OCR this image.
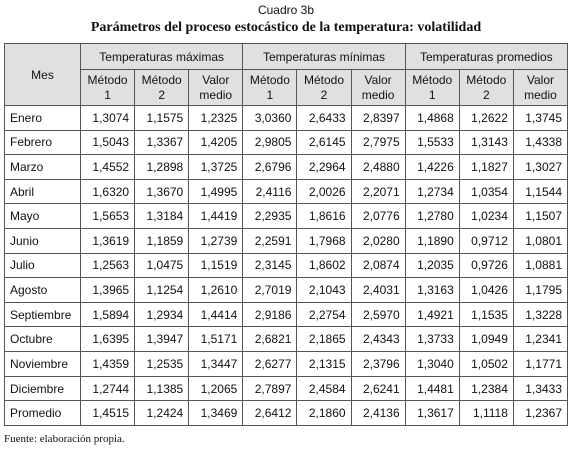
Cuadro 3b
Parámetros del proceso estocástico de la temperatura: volatilidad
Mes	Temperaturas máximas			Temperaturas mínimas			Temperaturas promedios		
	Método 1	Método 2	Valor medio	Método 1	Método 2	Valor medio	Método 1	Método 2	Valor medio
Enero	1,3074	1,1575	1,2325	3,0360	2,6433	2,8397	1,4868	1,2622	1,3745
Febrero	1,5043	1,3367	1,4205	2,9805	2,6145	2,7975	1,5533	1,3143	1,4338
Marzo	1,4552	1,2898	1,3725	2,6796	2,2964	2,4880	1,4226	1,1827	1,3027
Abril	1,6320	1,3670	1,4995	2,4116	2,0026	2,2071	1,2734	1,0354	1,1544
Mayo	1,5653	1,3184	1,4419	2,2935	1,8616	2,0776	1,2780	1,0234	1,1507
Junio	1,3619	1,1859	1,2739	2,2591	1,7968	2,0280	1,1890	0,9712	1,0801
Julio	1,2563	1,0475	1,1519	2,3145	1,8602	2,0874	1,2035	0,9726	1,0881
Agosto	1,3965	1,1254	1,2610	2,7019	2,1043	2,4031	1,3163	1,0426	1,1795
Septiembre	1,5894	1,2934	1,4414	2,9186	2,2754	2,5970	1,4921	1,1535	1,3228
Octubre	1,6395	1,3947	1,5171	2,6821	2,1865	2,4343	1,3733	1,0949	1,2341
Noviembre	1,4359	1,2535	1,3447	2,6277	2,1315	2,3796	1,3040	1,0502	1,1771
Diciembre	1,2744	1,1385	1,2065	2,7897	2,4584	2,6241	1,4481	1,2384	1,3433
Promedio	1,4515	1,2424	1,3469	2,6412	2,1860	2,4136	1,3617	1,1118	1,2367
Fuente: elaboración propia.
